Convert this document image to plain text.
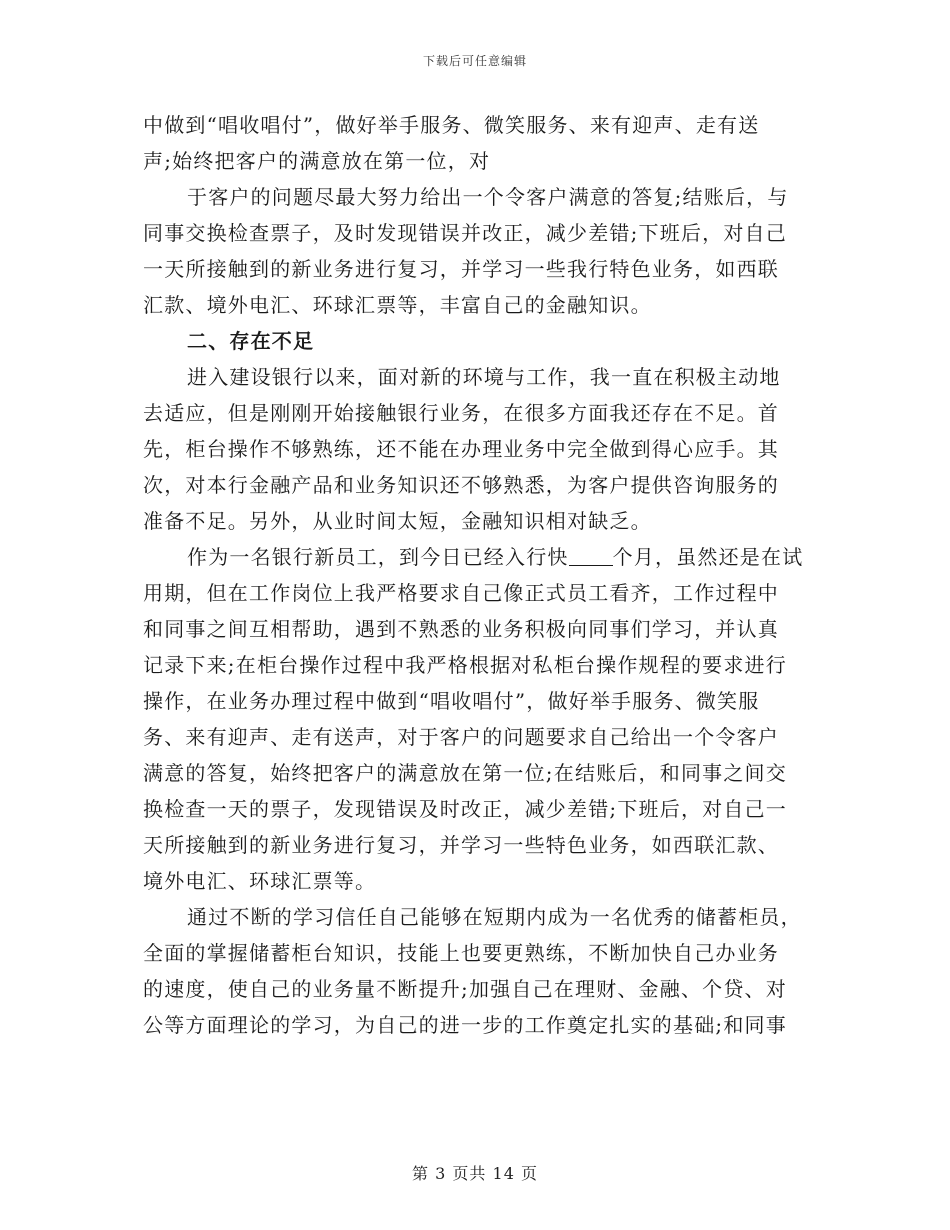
下载后可任意编辑
中做到“唱收唱付”，做好举手服务、微笑服务、来有迎声、走有送
声;始终把客户的满意放在第一位，对
于客户的问题尽最大努力给出一个令客户满意的答复;结账后，与
同事交换检查票子，及时发现错误并改正，减少差错;下班后，对自己
一天所接触到的新业务进行复习，并学习一些我行特色业务，如西联
汇款、境外电汇、环球汇票等，丰富自己的金融知识。
二、存在不足
进入建设银行以来，面对新的环境与工作，我一直在积极主动地
去适应，但是刚刚开始接触银行业务，在很多方面我还存在不足。首
先，柜台操作不够熟练，还不能在办理业务中完全做到得心应手。其
次，对本行金融产品和业务知识还不够熟悉，为客户提供咨询服务的
准备不足。另外，从业时间太短，金融知识相对缺乏。
作为一名银行新员工，到今日已经入行快 个月，虽然还是在试
用期，但在工作岗位上我严格要求自己像正式员工看齐，工作过程中
和同事之间互相帮助，遇到不熟悉的业务积极向同事们学习，并认真
记录下来;在柜台操作过程中我严格根据对私柜台操作规程的要求进行
操作，在业务办理过程中做到“唱收唱付”，做好举手服务、微笑服
务、来有迎声、走有送声，对于客户的问题要求自己给出一个令客户
满意的答复，始终把客户的满意放在第一位;在结账后，和同事之间交
换检查一天的票子，发现错误及时改正，减少差错;下班后，对自己一
天所接触到的新业务进行复习，并学习一些特色业务，如西联汇款、
境外电汇、环球汇票等。
通过不断的学习信任自己能够在短期内成为一名优秀的储蓄柜员，
全面的掌握储蓄柜台知识，技能上也要更熟练，不断加快自己办业务
的速度，使自己的业务量不断提升;加强自己在理财、金融、个贷、对
公等方面理论的学习，为自己的进一步的工作奠定扎实的基础;和同事
第 3 页共 14 页
